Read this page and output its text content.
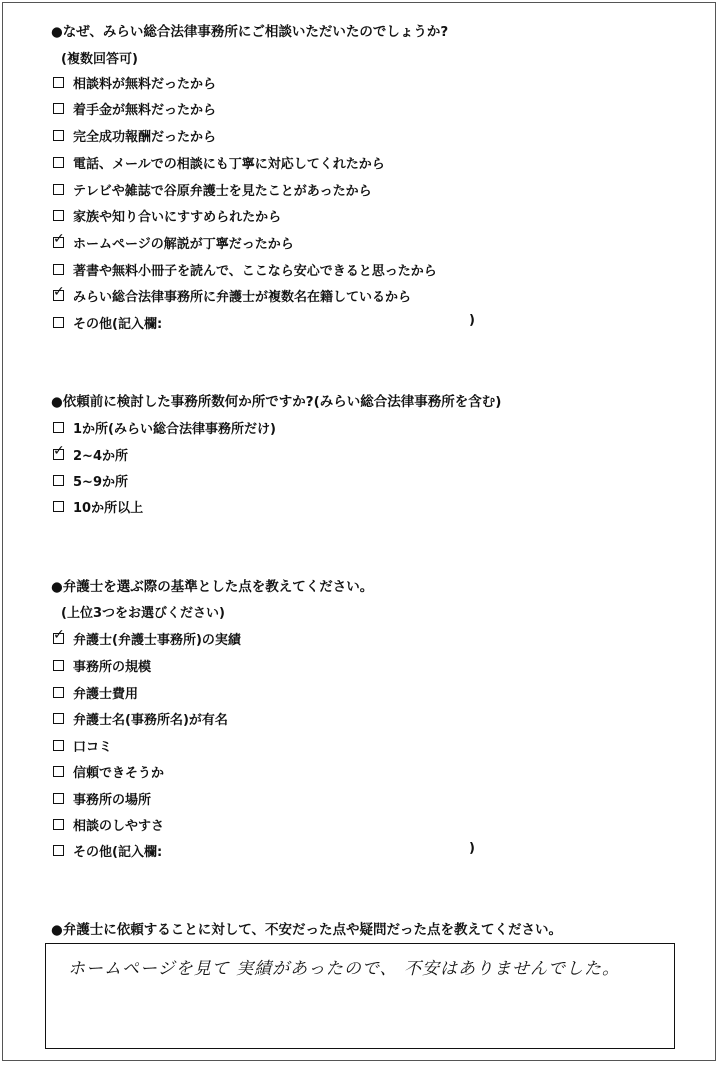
●なぜ、みらい総合法律事務所にご相談いただいたのでしょうか?
(複数回答可)
相談料が無料だったから
着手金が無料だったから
完全成功報酬だったから
電話、メールでの相談にも丁寧に対応してくれたから
テレビや雑誌で谷原弁護士を見たことがあったから
家族や知り合いにすすめられたから
✓ ホームページの解説が丁寧だったから
著書や無料小冊子を読んで、ここなら安心できると思ったから
✓ みらい総合法律事務所に弁護士が複数名在籍しているから
その他(記入欄:	)
●依頼前に検討した事務所数何か所ですか?(みらい総合法律事務所を含む)
1か所(みらい総合法律事務所だけ)
✓ 2~4か所
5~9か所
10か所以上
●弁護士を選ぶ際の基準とした点を教えてください。
(上位3つをお選びください)
✓ 弁護士(弁護士事務所)の実績
事務所の規模
弁護士費用
弁護士名(事務所名)が有名
口コミ
信頼できそうか
事務所の場所
相談のしやすさ
その他(記入欄:	)
●弁護士に依頼することに対して、不安だった点や疑問だった点を教えてください。
ホームページを見て 実績があったので、 不安はありませんでした。
